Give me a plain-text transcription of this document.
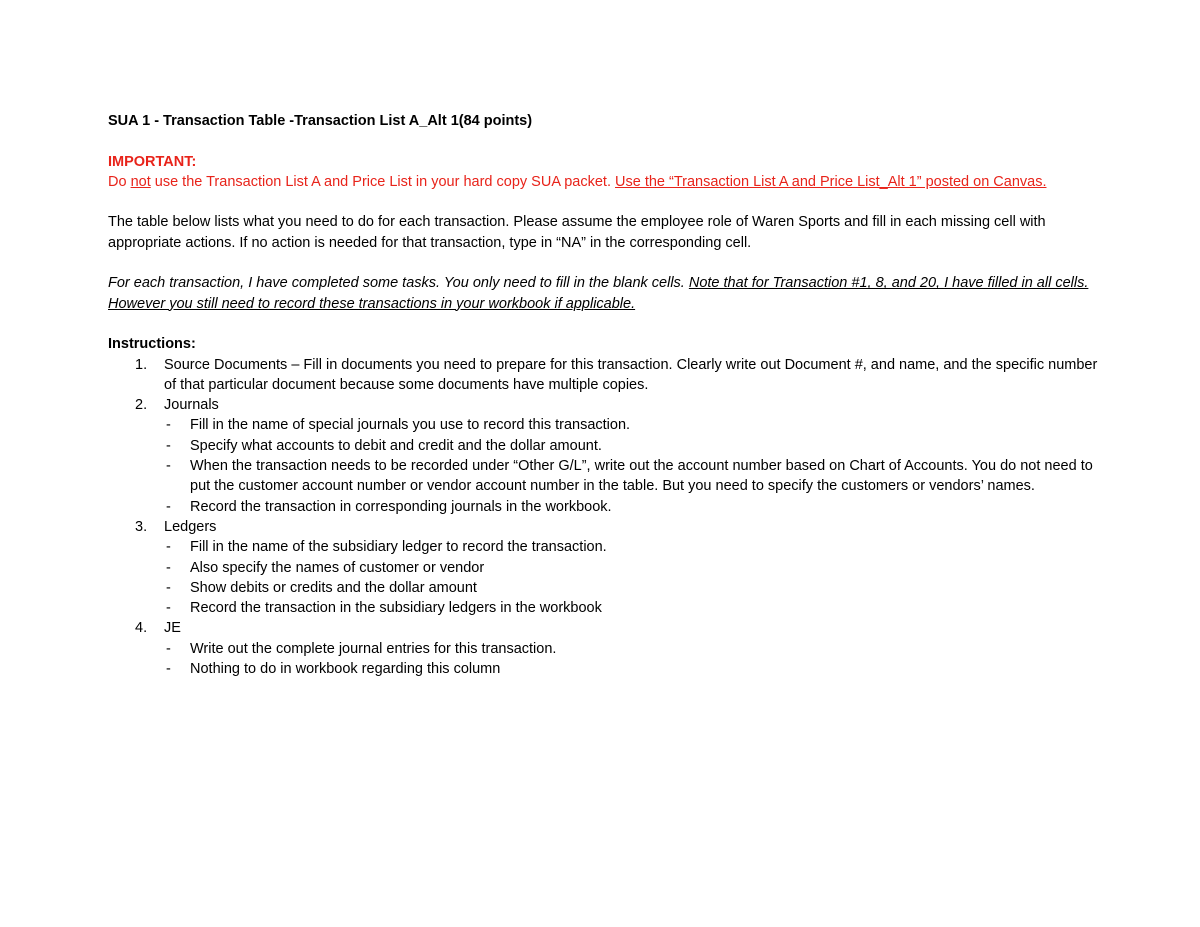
SUA 1 - Transaction Table -Transaction List A_Alt 1(84 points)

IMPORTANT:

Do not use the Transaction List A and Price List in your hard copy SUA packet. Use the “Transaction List A and Price List_Alt 1” posted on Canvas.

The table below lists what you need to do for each transaction. Please assume the employee role of Waren Sports and fill in each missing cell with appropriate actions. If no action is needed for that transaction, type in “NA” in the corresponding cell.

For each transaction, I have completed some tasks. You only need to fill in the blank cells. Note that for Transaction #1, 8, and 20, I have filled in all cells. However you still need to record these transactions in your workbook if applicable.

Instructions:

1. Source Documents – Fill in documents you need to prepare for this transaction. Clearly write out Document #, and name, and the specific number of that particular document because some documents have multiple copies.
2. Journals
- Fill in the name of special journals you use to record this transaction.
- Specify what accounts to debit and credit and the dollar amount.
- When the transaction needs to be recorded under “Other G/L”, write out the account number based on Chart of Accounts. You do not need to put the customer account number or vendor account number in the table. But you need to specify the customers or vendors’ names.
- Record the transaction in corresponding journals in the workbook.
3. Ledgers
- Fill in the name of the subsidiary ledger to record the transaction.
- Also specify the names of customer or vendor
- Show debits or credits and the dollar amount
- Record the transaction in the subsidiary ledgers in the workbook
4. JE
- Write out the complete journal entries for this transaction.
- Nothing to do in workbook regarding this column
